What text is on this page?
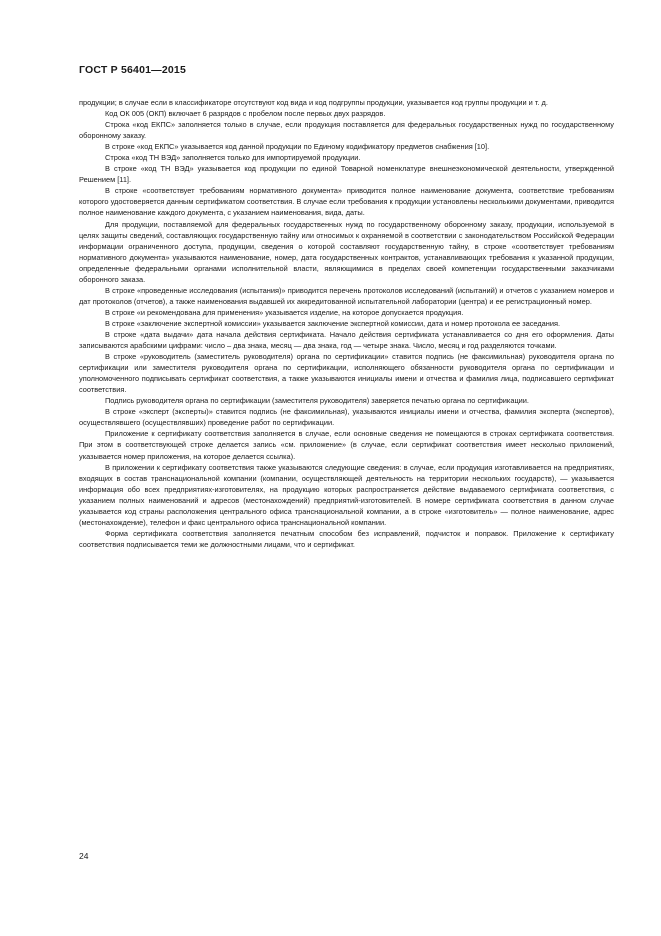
ГОСТ Р 56401—2015

продукции; в случае если в классификаторе отсутствуют код вида и код подгруппы продукции, указывается код группы продукции и т. д.

Код ОК 005 (ОКП) включает 6 разрядов с пробелом после первых двух разрядов.

Строка «код ЕКПС» заполняется только в случае, если продукция поставляется для федеральных государственных нужд по государственному оборонному заказу.

В строке «код ЕКПС» указывается код данной продукции по Единому кодификатору предметов снабжения [10].

Строка «код ТН ВЭД» заполняется только для импортируемой продукции.

В строке «код ТН ВЭД» указывается код продукции по единой Товарной номенклатуре внешнеэкономической деятельности, утвержденной Решением [11].

В строке «соответствует требованиям нормативного документа» приводится полное наименование документа, соответствие требованиям которого удостоверяется данным сертификатом соответствия. В случае если требования к продукции установлены несколькими документами, приводится полное наименование каждого документа, с указанием наименования, вида, даты.

Для продукции, поставляемой для федеральных государственных нужд по государственному оборонному заказу, продукции, используемой в целях защиты сведений, составляющих государственную тайну или относимых к охраняемой в соответствии с законодательством Российской Федерации информации ограниченного доступа, продукции, сведения о которой составляют государственную тайну, в строке «соответствует требованиям нормативного документа» указываются наименование, номер, дата государственных контрактов, устанавливающих требования к указанной продукции, определенные федеральными органами исполнительной власти, являющимися в пределах своей компетенции государственными заказчиками оборонного заказа.

В строке «проведенные исследования (испытания)» приводится перечень протоколов исследований (испытаний) и отчетов с указанием номеров и дат протоколов (отчетов), а также наименования выдавшей их аккредитованной испытательной лаборатории (центра) и ее регистрационный номер.

В строке «и рекомендована для применения» указывается изделие, на которое допускается продукция.

В строке «заключение экспертной комиссии» указывается заключение экспертной комиссии, дата и номер протокола ее заседания.

В строке «дата выдачи» дата начала действия сертификата. Начало действия сертификата устанавливается со дня его оформления. Даты записываются арабскими цифрами: число – два знака, месяц — два знака, год — четыре знака. Число, месяц и год разделяются точками.

В строке «руководитель (заместитель руководителя) органа по сертификации» ставится подпись (не факсимильная) руководителя органа по сертификации или заместителя руководителя органа по сертификации, исполняющего обязанности руководителя органа по сертификации и уполномоченного подписывать сертификат соответствия, а также указываются инициалы имени и отчества и фамилия лица, подписавшего сертификат соответствия.

Подпись руководителя органа по сертификации (заместителя руководителя) заверяется печатью органа по сертификации.

В строке «эксперт (эксперты)» ставится подпись (не факсимильная), указываются инициалы имени и отчества, фамилия эксперта (экспертов), осуществлявшего (осуществлявших) проведение работ по сертификации.

Приложение к сертификату соответствия заполняется в случае, если основные сведения не помещаются в строках сертификата соответствия. При этом в соответствующей строке делается запись «см. приложение» (в случае, если сертификат соответствия имеет несколько приложений, указывается номер приложения, на которое делается ссылка).

В приложении к сертификату соответствия также указываются следующие сведения: в случае, если продукция изготавливается на предприятиях, входящих в состав транснациональной компании (компании, осуществляющей деятельность на территории нескольких государств), — указывается информация обо всех предприятиях-изготовителях, на продукцию которых распространяется действие выдаваемого сертификата соответствия, с указанием полных наименований и адресов (местонахождений) предприятий-изготовителей. В номере сертификата соответствия в данном случае указывается код страны расположения центрального офиса транснациональной компании, а в строке «изготовитель» — полное наименование, адрес (местонахождение), телефон и факс центрального офиса транснациональной компании.

Форма сертификата соответствия заполняется печатным способом без исправлений, подчисток и поправок. Приложение к сертификату соответствия подписывается теми же должностными лицами, что и сертификат.

24
